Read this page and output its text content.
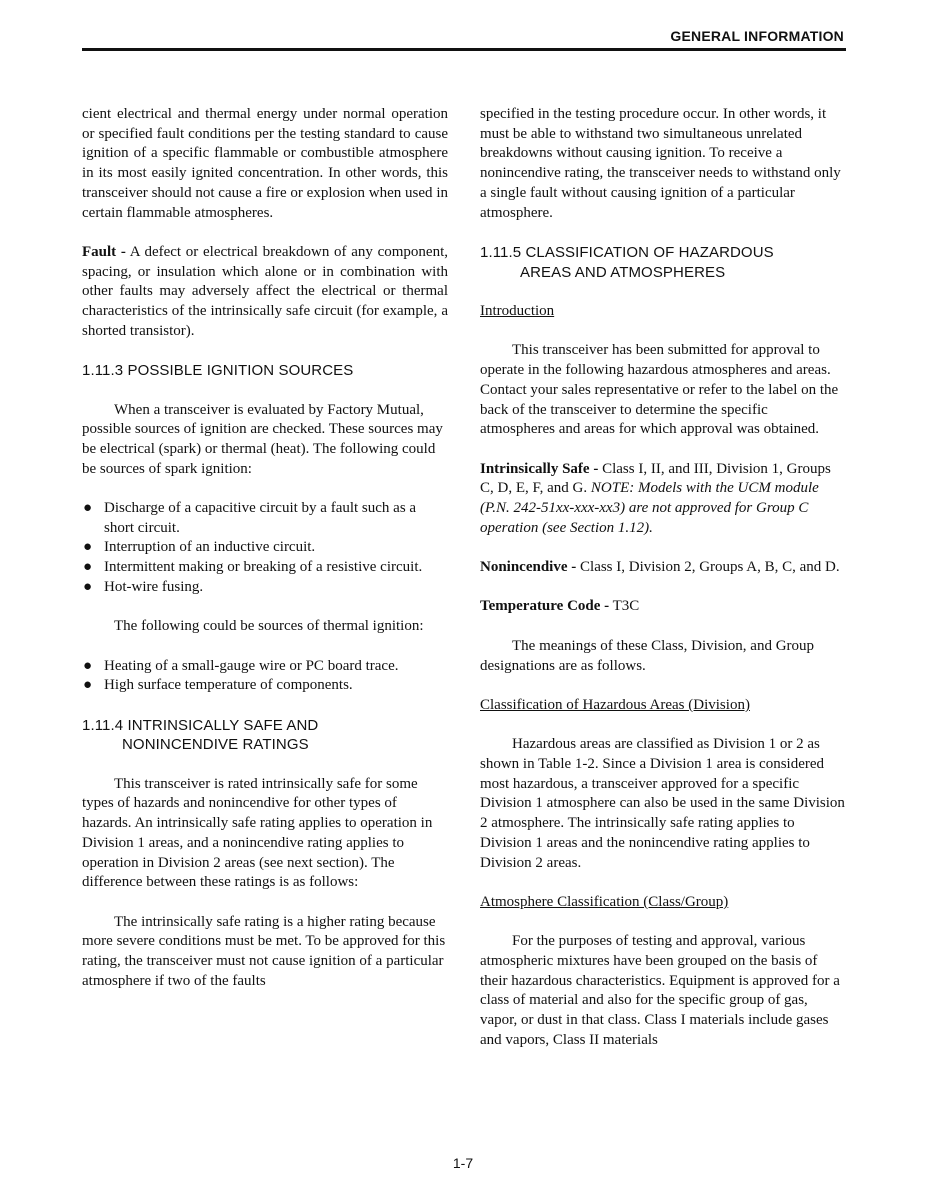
GENERAL INFORMATION

cient electrical and thermal energy under normal operation or specified fault conditions per the testing standard to cause ignition of a specific flammable or combustible atmosphere in its most easily ignited concentration. In other words, this transceiver should not cause a fire or explosion when used in certain flammable atmospheres.

Fault - A defect or electrical breakdown of any component, spacing, or insulation which alone or in combination with other faults may adversely affect the electrical or thermal characteristics of the intrinsically safe circuit (for example, a shorted transistor).

1.11.3 POSSIBLE IGNITION SOURCES

When a transceiver is evaluated by Factory Mutual, possible sources of ignition are checked. These sources may be electrical (spark) or thermal (heat). The following could be sources of spark ignition:

● Discharge of a capacitive circuit by a fault such as a short circuit.
● Interruption of an inductive circuit.
● Intermittent making or breaking of a resistive circuit.
● Hot-wire fusing.

The following could be sources of thermal ignition:

● Heating of a small-gauge wire or PC board trace.
● High surface temperature of components.
1.11.4 INTRINSICALLY SAFE AND
NONINCENDIVE RATINGS

This transceiver is rated intrinsically safe for some types of hazards and nonincendive for other types of hazards. An intrinsically safe rating applies to operation in Division 1 areas, and a nonincendive rating applies to operation in Division 2 areas (see next section). The difference between these ratings is as follows:

The intrinsically safe rating is a higher rating because more severe conditions must be met. To be approved for this rating, the transceiver must not cause ignition of a particular atmosphere if two of the faults

specified in the testing procedure occur. In other words, it must be able to withstand two simultaneous unrelated breakdowns without causing ignition. To receive a nonincendive rating, the transceiver needs to withstand only a single fault without causing ignition of a particular atmosphere.

1.11.5 CLASSIFICATION OF HAZARDOUS
AREAS AND ATMOSPHERES

Introduction

This transceiver has been submitted for approval to operate in the following hazardous atmospheres and areas. Contact your sales representative or refer to the label on the back of the transceiver to determine the specific atmospheres and areas for which approval was obtained.

Intrinsically Safe - Class I, II, and III, Division 1, Groups C, D, E, F, and G. NOTE: Models with the UCM module (P.N. 242-51xx-xxx-xx3) are not approved for Group C operation (see Section 1.12).

Nonincendive - Class I, Division 2, Groups A, B, C, and D.

Temperature Code - T3C

The meanings of these Class, Division, and Group designations are as follows.

Classification of Hazardous Areas (Division)

Hazardous areas are classified as Division 1 or 2 as shown in Table 1-2. Since a Division 1 area is considered most hazardous, a transceiver approved for a specific Division 1 atmosphere can also be used in the same Division 2 atmosphere. The intrinsically safe rating applies to Division 1 areas and the nonincendive rating applies to Division 2 areas.

Atmosphere Classification (Class/Group)

For the purposes of testing and approval, various atmospheric mixtures have been grouped on the basis of their hazardous characteristics. Equipment is approved for a class of material and also for the specific group of gas, vapor, or dust in that class. Class I materials include gases and vapors, Class II materials

1-7
